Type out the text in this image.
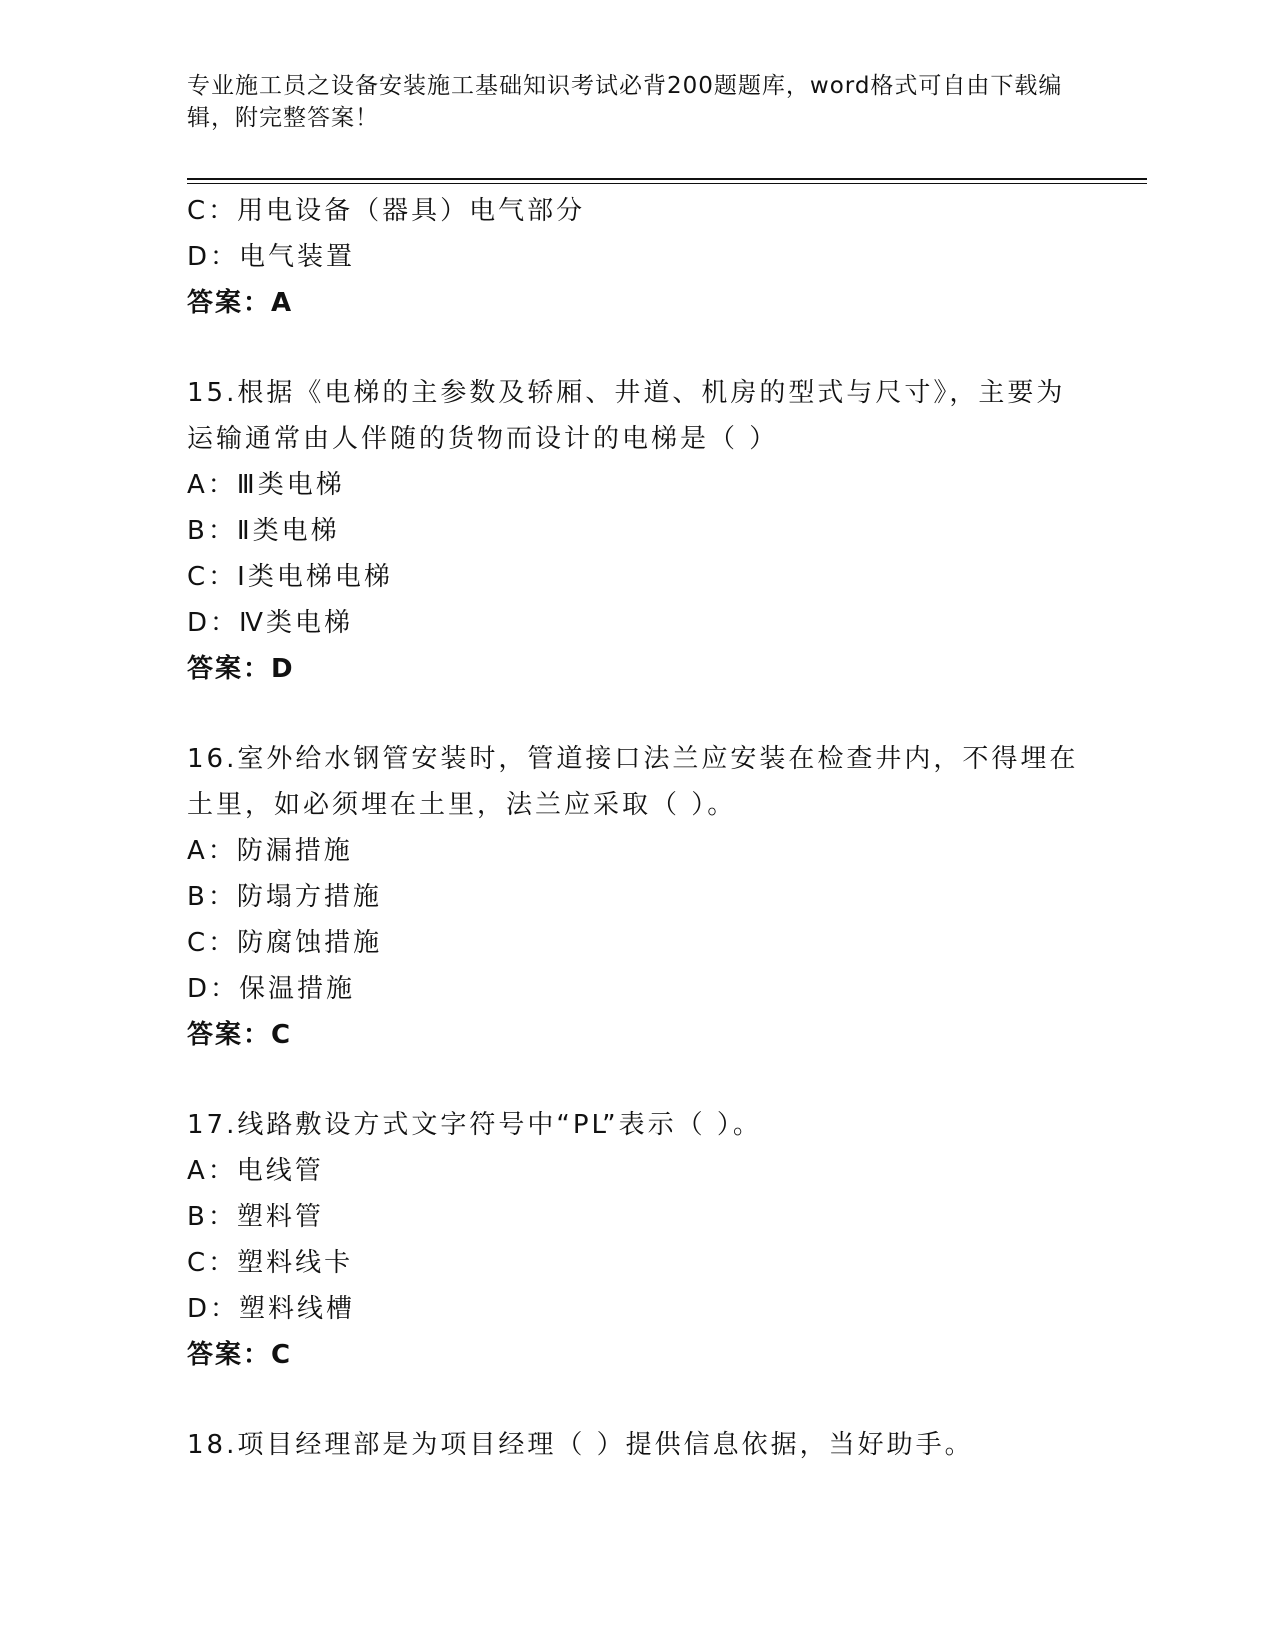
专业施工员之设备安装施工基础知识考试必背200题题库，word格式可自由下载编辑，附完整答案！
C：用电设备（器具）电气部分
D：电气装置
答案：A
15.根据《电梯的主参数及轿厢、井道、机房的型式与尺寸》，主要为运输通常由人伴随的货物而设计的电梯是（ ）
A：Ⅲ类电梯
B：Ⅱ类电梯
C：Ⅰ类电梯电梯
D：Ⅳ类电梯
答案：D
16.室外给水钢管安装时，管道接口法兰应安装在检查井内，不得埋在土里，如必须埋在土里，法兰应采取（ ）。
A：防漏措施
B：防塌方措施
C：防腐蚀措施
D：保温措施
答案：C
17.线路敷设方式文字符号中“PL”表示（ ）。
A：电线管
B：塑料管
C：塑料线卡
D：塑料线槽
答案：C
18.项目经理部是为项目经理（ ）提供信息依据，当好助手。
